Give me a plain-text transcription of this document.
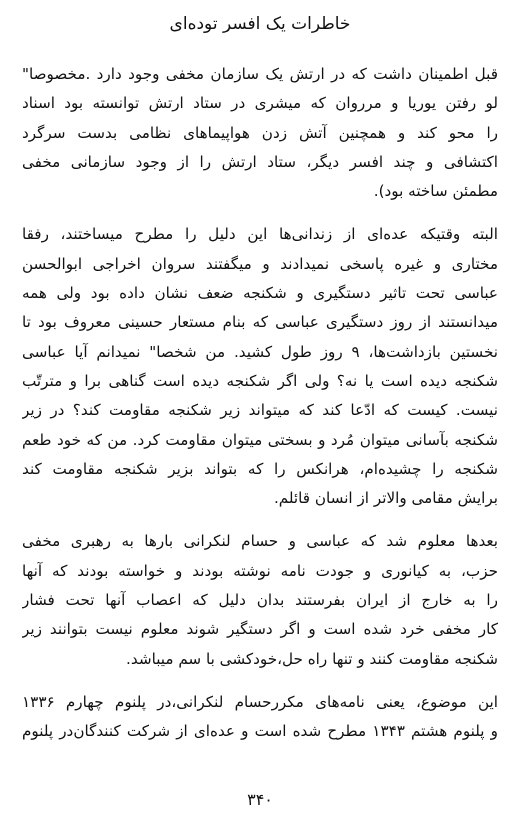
خاطرات یک افسر توده‌ای
قبل اطمینان داشت که در ارتش یک سازمان مخفی وجود دارد .مخصوصا"
لو رفتن یوریا و مرروان که میشری در ستاد ارتش توانسته بود اسناد
را محو کند و همچنین آتش زدن هواپیماهای نظامی بدست سرگرد
اکتشافی و چند افسر دیگر، ستاد ارتش را از وجود سازمانی مخفی
مطمئن ساخته بود).
البته وقتیکه عده‌ای از زندانی‌ها این دلیل را مطرح میساختند، رفقا
مختاری و غیره پاسخی نمیدادند و میگفتند سروان اخراجی ابوالحسن
عباسی تحت تاثیر دستگیری و شکنجه ضعف نشان داده بود ولی همه
میدانستند از روز دستگیری عباسی که بنام مستعار حسینی معروف بود تا
نخستین بازداشت‌ها، ۹ روز طول کشید. من شخصا" نمیدانم آیا عباسی
شکنجه دیده است یا نه؟ ولی اگر شکنجه دیده است گناهی برا و مترتّب
نیست. کیست که ادّعا کند که میتواند زیر شکنجه مقاومت کند؟ در زیر
شکنجه بآسانی میتوان مُرد و بسختی میتوان مقاومت کرد. من که خود طعم
شکنجه را چشیده‌ام، هرانکس را که بتواند بزیر شکنجه مقاومت کند
برایش مقامی والاتر از انسان قائلم.
بعدها معلوم شد که عباسی و حسام لنکرانی بارها به رهبری مخفی
حزب، به کیانوری و جودت نامه نوشته بودند و خواسته بودند که آنها
را به خارج از ایران بفرستند بدان دلیل که اعصاب آنها تحت فشار
کار مخفی خرد شده است و اگر دستگیر شوند معلوم نیست بتوانند زیر
شکنجه مقاومت کنند و تنها راه حل،خودکشی با سم میباشد.
این موضوع، یعنی نامه‌های مکرر‌حسام لنکرانی،در پلنوم چهارم ۱۳۳۶
و پلنوم هشتم ۱۳۴۳ مطرح شده است و عده‌ای از شرکت کنندگان‌در پلنوم
۳۴۰
